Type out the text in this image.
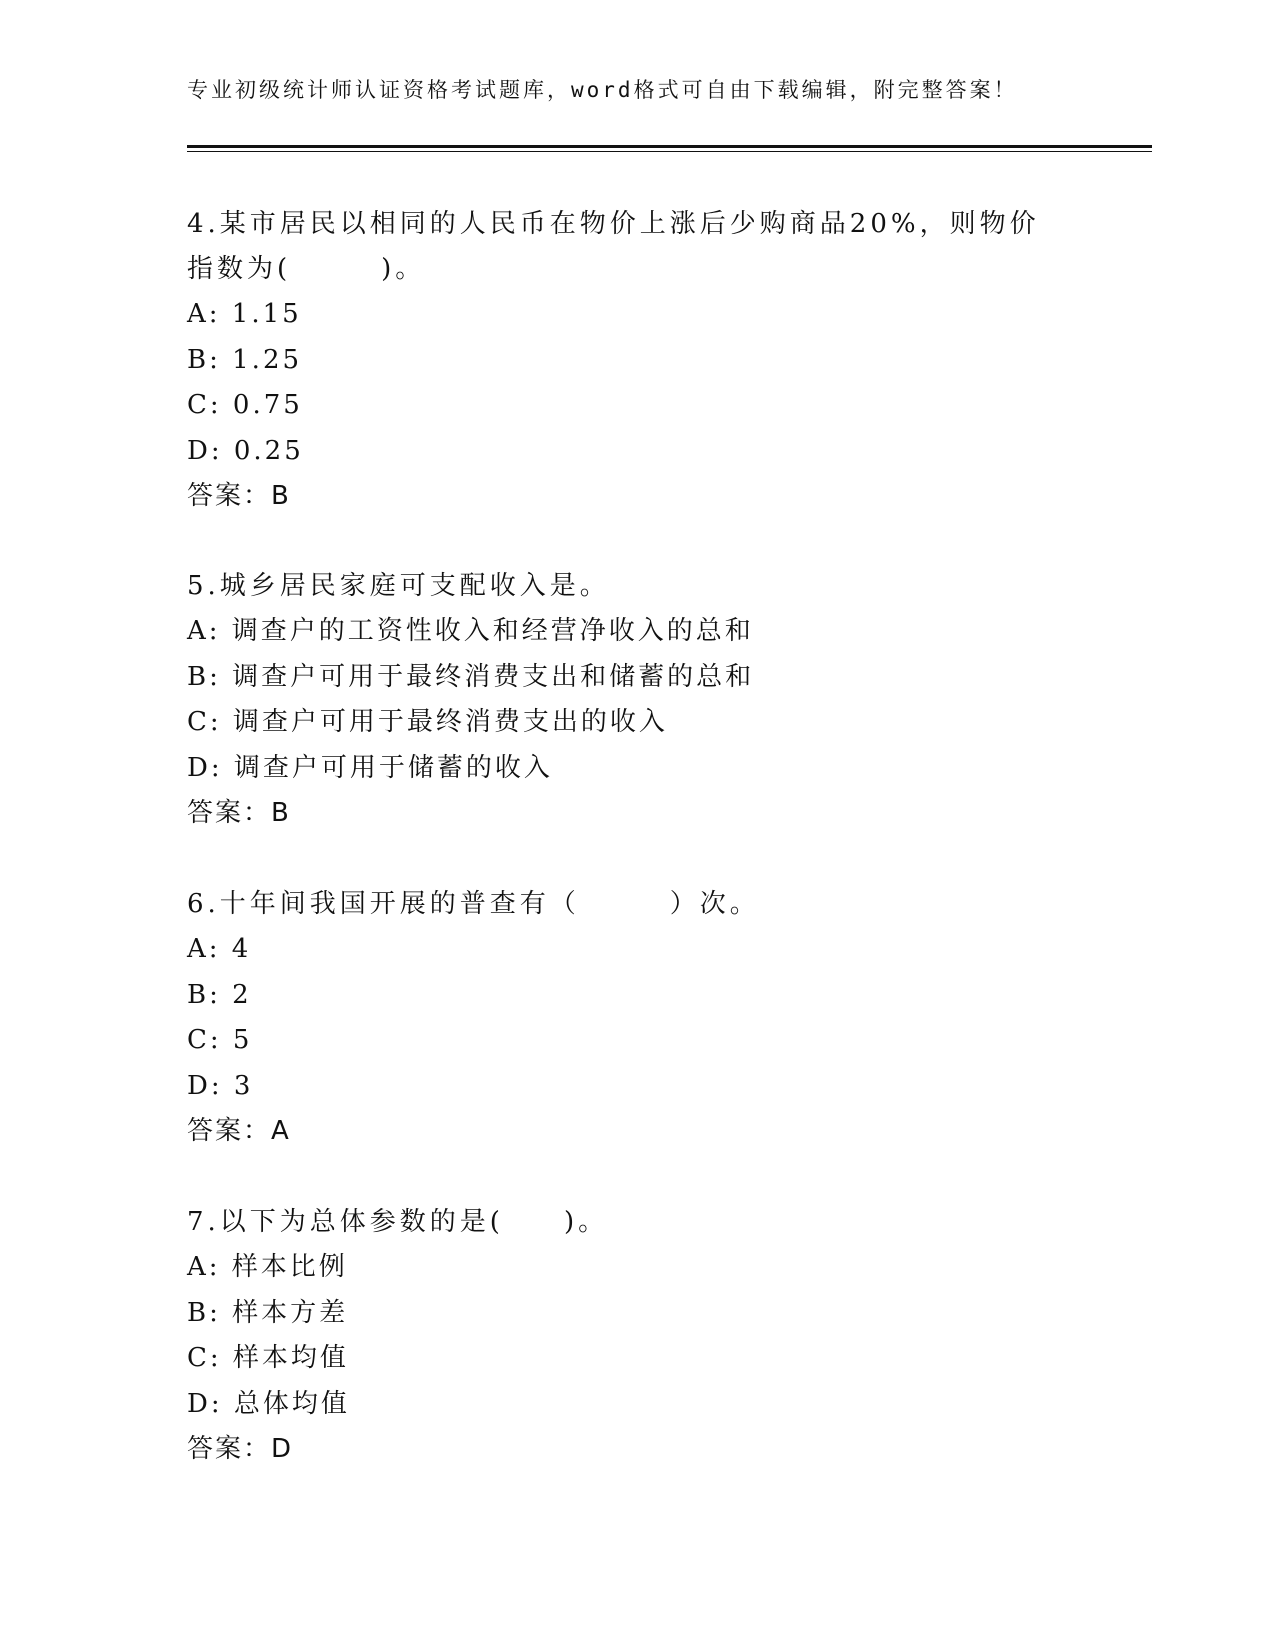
专业初级统计师认证资格考试题库，word格式可自由下载编辑，附完整答案！
4.某市居民以相同的人民币在物价上涨后少购商品20%，则物价指数为(　　　)。
A: 1.15
B: 1.25
C: 0.75
D: 0.25
答案：B
5.城乡居民家庭可支配收入是。
A: 调查户的工资性收入和经营净收入的总和
B: 调查户可用于最终消费支出和储蓄的总和
C: 调查户可用于最终消费支出的收入
D: 调查户可用于储蓄的收入
答案：B
6.十年间我国开展的普查有（　　　）次。
A: 4
B: 2
C: 5
D: 3
答案：A
7.以下为总体参数的是(　　)。
A: 样本比例
B: 样本方差
C: 样本均值
D: 总体均值
答案：D
